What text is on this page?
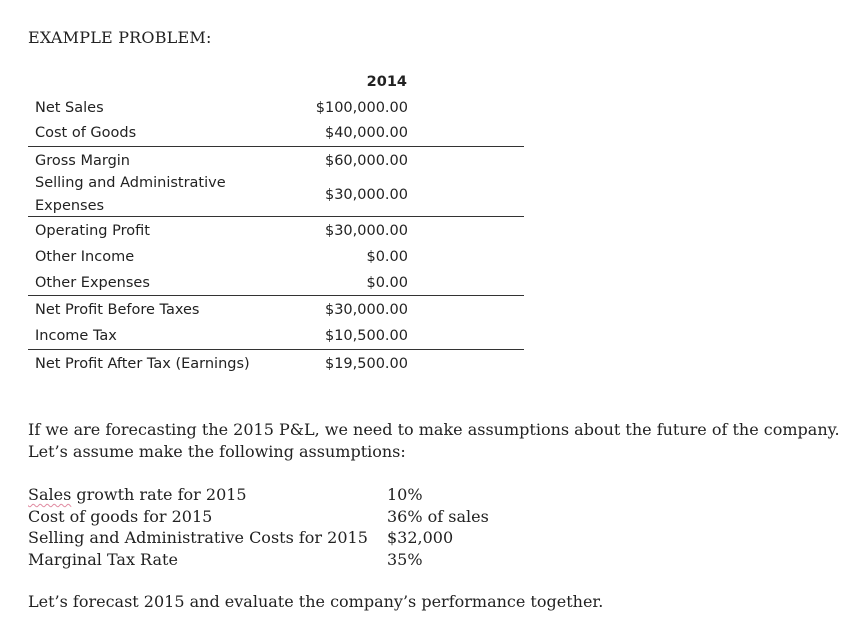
EXAMPLE PROBLEM:
2014
Net Sales	$100,000.00
Cost of Goods	$40,000.00
Gross Margin	$60,000.00
Selling and Administrative
Expenses
$30,000.00
Operating Profit	$30,000.00
Other Income	$0.00
Other Expenses	$0.00
Net Profit Before Taxes	$30,000.00
Income Tax	$10,500.00
Net Profit After Tax (Earnings)	$19,500.00
If we are forecasting the 2015 P&L, we need to make assumptions about the future of the company.
Let’s assume make the following assumptions:
Sales growth rate for 2015	10%
Cost of goods for 2015	36% of sales
Selling and Administrative Costs for 2015 $32,000
Marginal Tax Rate	35%
Let’s forecast 2015 and evaluate the company’s performance together.
